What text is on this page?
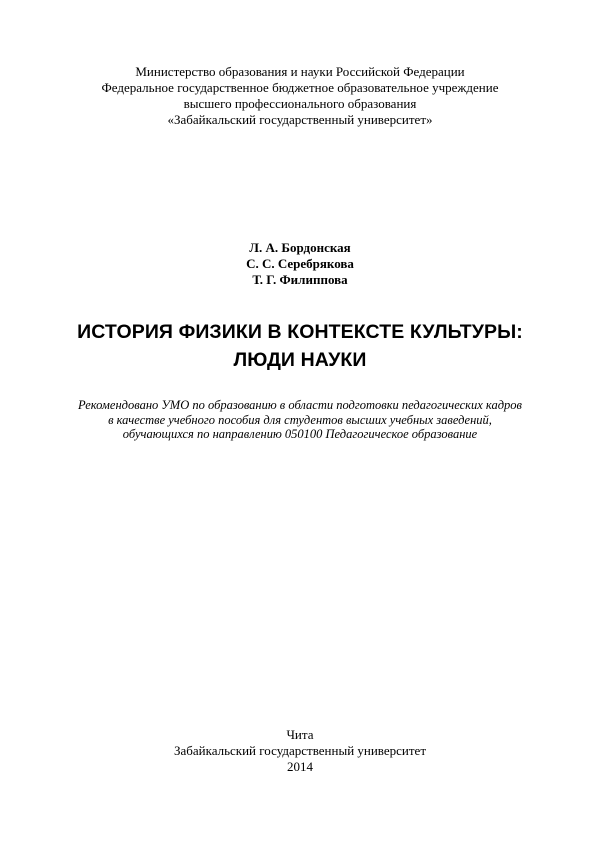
Министерство образования и науки Российской Федерации
Федеральное государственное бюджетное образовательное учреждение
высшего профессионального образования
«Забайкальский государственный университет»
Л. А. Бордонская
С. С. Серебрякова
Т. Г. Филиппова
ИСТОРИЯ ФИЗИКИ В КОНТЕКСТЕ КУЛЬТУРЫ:
ЛЮДИ НАУКИ
Рекомендовано УМО по образованию в области подготовки педагогических кадров
в качестве учебного пособия для студентов высших учебных заведений,
обучающихся по направлению 050100 Педагогическое образование
Чита
Забайкальский государственный университет
2014
